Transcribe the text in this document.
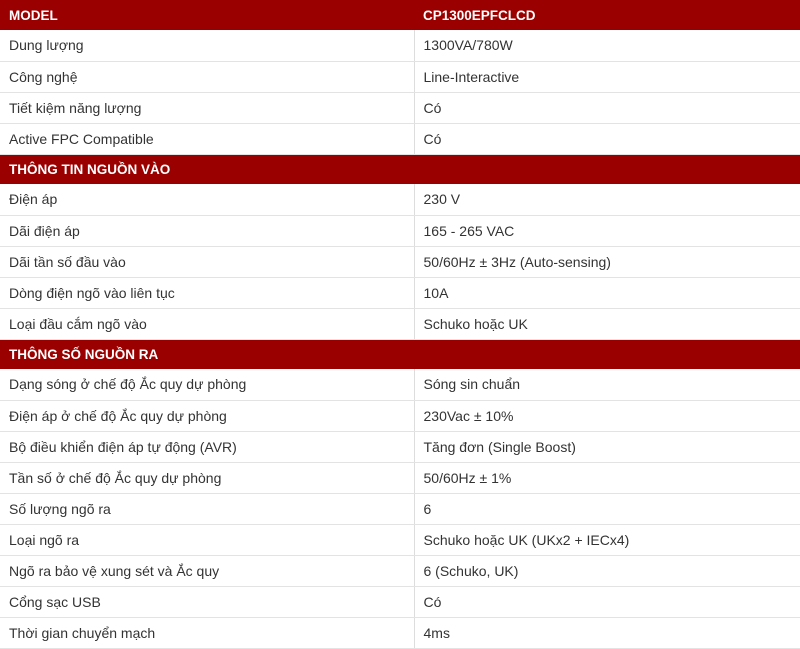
MODEL	CP1300EPFCLCD
Dung lượng	1300VA/780W
Công nghệ	Line-Interactive
Tiết kiệm năng lượng	Có
Active FPC Compatible	Có
THÔNG TIN NGUỒN VÀO	
Điện áp	230 V
Dãi điện áp	165 - 265 VAC
Dãi tần số đầu vào	50/60Hz ± 3Hz (Auto-sensing)
Dòng điện ngõ vào liên tục	10A
Loại đầu cắm ngõ vào	Schuko hoặc UK
THÔNG SỐ NGUỒN RA	
Dạng sóng ở chế độ Ắc quy dự phòng	Sóng sin chuẩn
Điện áp ở chế độ Ắc quy dự phòng	230Vac ± 10%
Bộ điều khiển điện áp tự động (AVR)	Tăng đơn (Single Boost)
Tần số ở chế độ Ắc quy dự phòng	50/60Hz ± 1%
Số lượng ngõ ra	6
Loại ngõ ra	Schuko hoặc UK (UKx2 + IECx4)
Ngõ ra bảo vệ xung sét và Ắc quy	6 (Schuko, UK)
Cổng sạc USB	Có
Thời gian chuyển mạch	4ms
